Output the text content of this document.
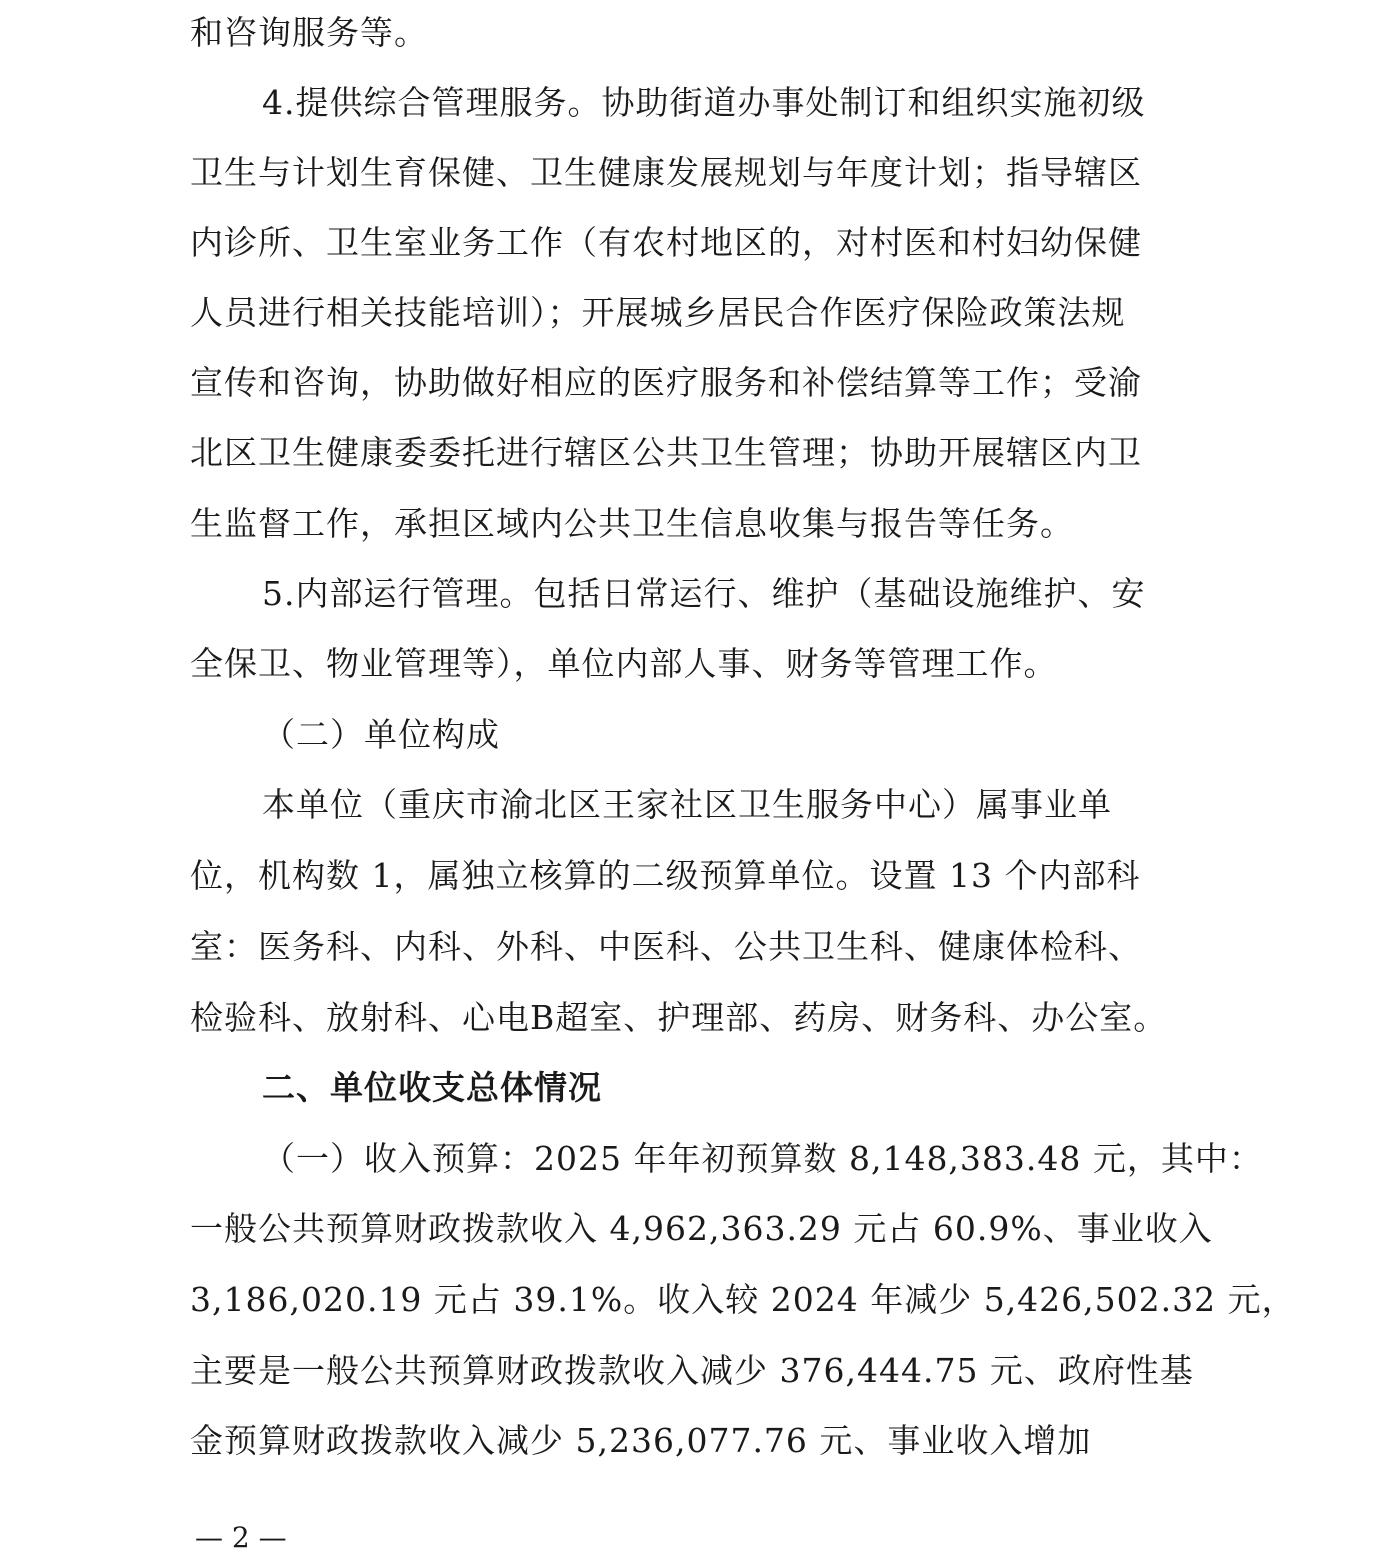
和咨询服务等。
4.提供综合管理服务。协助街道办事处制订和组织实施初级
卫生与计划生育保健、卫生健康发展规划与年度计划；指导辖区
内诊所、卫生室业务工作（有农村地区的，对村医和村妇幼保健
人员进行相关技能培训）；开展城乡居民合作医疗保险政策法规
宣传和咨询，协助做好相应的医疗服务和补偿结算等工作；受渝
北区卫生健康委委托进行辖区公共卫生管理；协助开展辖区内卫
生监督工作，承担区域内公共卫生信息收集与报告等任务。
5.内部运行管理。包括日常运行、维护（基础设施维护、安
全保卫、物业管理等），单位内部人事、财务等管理工作。
（二）单位构成
本单位（重庆市渝北区王家社区卫生服务中心）属事业单
位，机构数 1，属独立核算的二级预算单位。设置 13 个内部科
室：医务科、内科、外科、中医科、公共卫生科、健康体检科、
检验科、放射科、心电B超室、护理部、药房、财务科、办公室。
二、单位收支总体情况
（一）收入预算：2025 年年初预算数 8,148,383.48 元，其中：
一般公共预算财政拨款收入 4,962,363.29 元占 60.9%、事业收入
3,186,020.19 元占 39.1%。收入较 2024 年减少 5,426,502.32 元，
主要是一般公共预算财政拨款收入减少 376,444.75 元、政府性基
金预算财政拨款收入减少 5,236,077.76 元、事业收入增加
— 2 —
